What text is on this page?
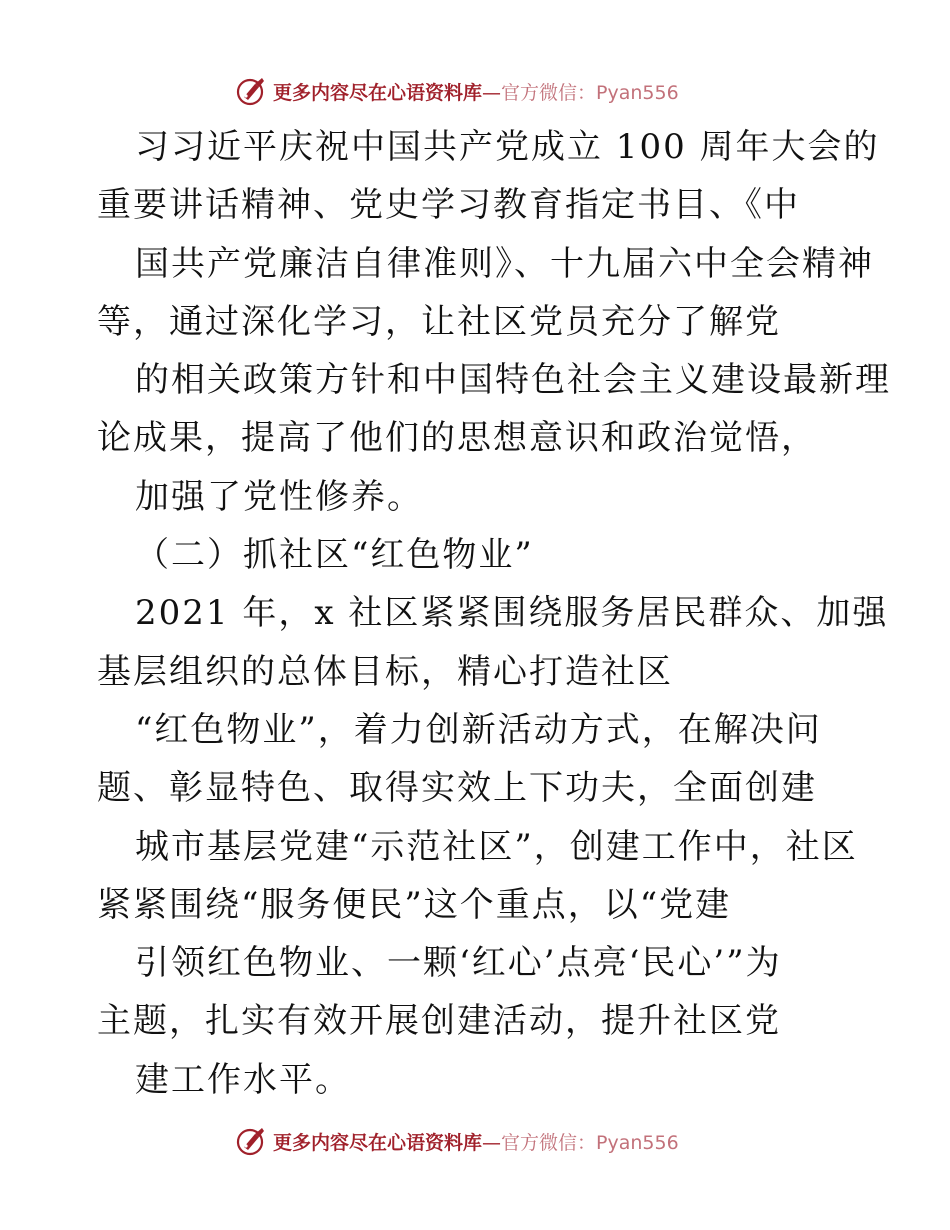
更多内容尽在心语资料库—官方微信：Pyan556
习习近平庆祝中国共产党成立 100 周年大会的
重要讲话精神、党史学习教育指定书目、《中
国共产党廉洁自律准则》、十九届六中全会精神
等，通过深化学习，让社区党员充分了解党
的相关政策方针和中国特色社会主义建设最新理
论成果，提高了他们的思想意识和政治觉悟，
加强了党性修养。
（二）抓社区“红色物业”
2021 年，x 社区紧紧围绕服务居民群众、加强
基层组织的总体目标，精心打造社区
“红色物业”，着力创新活动方式，在解决问
题、彰显特色、取得实效上下功夫，全面创建
城市基层党建“示范社区”，创建工作中，社区
紧紧围绕“服务便民”这个重点，以“党建
引领红色物业、一颗‘红心’点亮‘民心’”为
主题，扎实有效开展创建活动，提升社区党
建工作水平。
更多内容尽在心语资料库—官方微信：Pyan556
